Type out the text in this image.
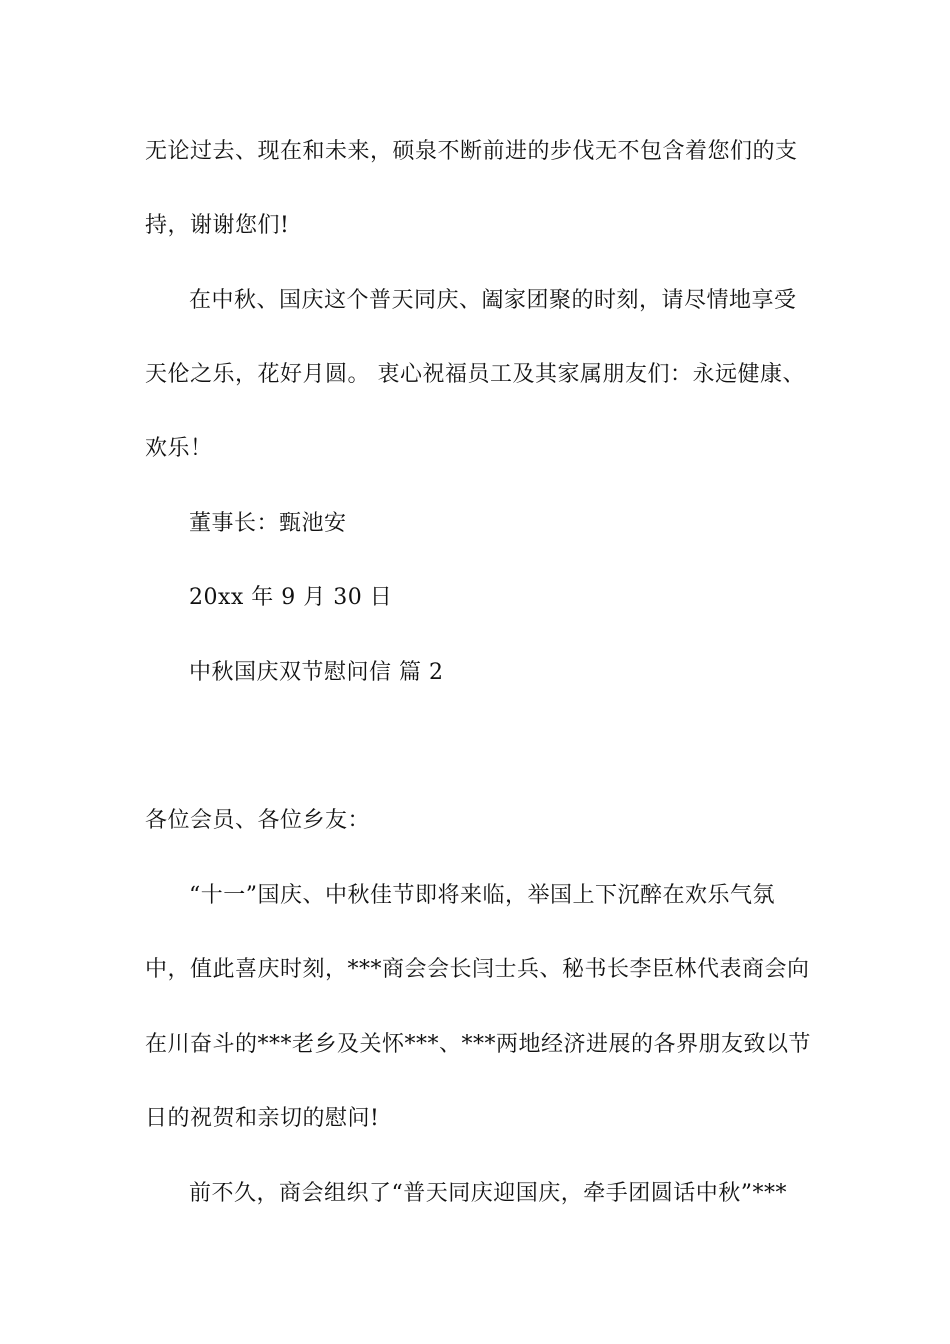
无论过去、现在和未来，硕泉不断前进的步伐无不包含着您们的支
持，谢谢您们!
在中秋、国庆这个普天同庆、阖家团聚的时刻，请尽情地享受
天伦之乐，花好月圆。 衷心祝福员工及其家属朋友们：永远健康、
欢乐！
董事长：甄池安
20xx 年 9 月 30 日
中秋国庆双节慰问信 篇 2
各位会员、各位乡友：
“十一”国庆、中秋佳节即将来临，举国上下沉醉在欢乐气氛
中，值此喜庆时刻，***商会会长闫士兵、秘书长李臣林代表商会向
在川奋斗的***老乡及关怀***、***两地经济进展的各界朋友致以节
日的祝贺和亲切的慰问!
前不久，商会组织了“普天同庆迎国庆，牵手团圆话中秋”***
